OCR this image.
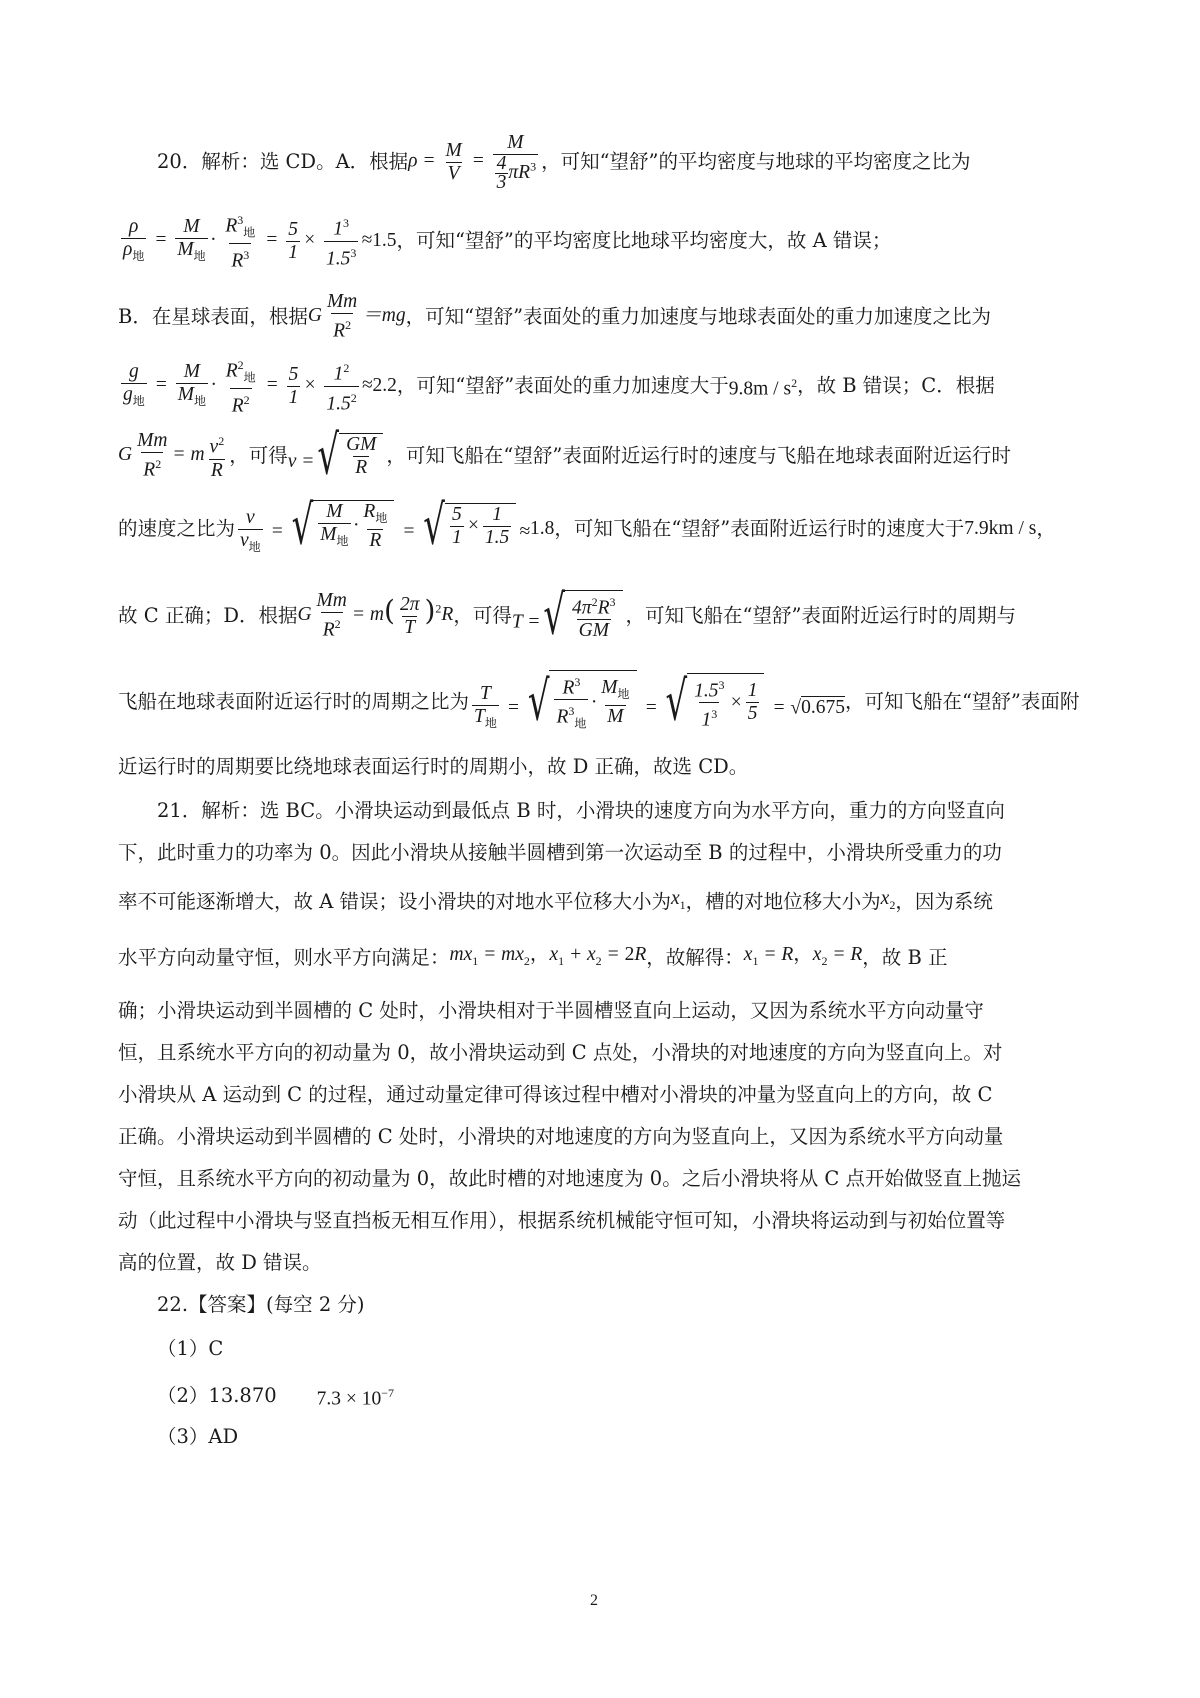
20．解析：选 CD。A．根据 $\rho = \frac{M}{V} = \frac{M}{\frac{4}{3} \pi R^3}$ ，可知“望舒”的平均密度与地球的平均密度之比为
$\frac{\rho}{\rho_地} = \frac{M}{M_地} \cdot \frac{R^3_地}{R^3} = \frac{5}{1} \times \frac{1^3}{1.5^3} \approx 1.5$ ，可知“望舒”的平均密度比地球平均密度大，故 A 错误；
B．在星球表面，根据 G $\frac{Mm}{R^2} =mg$ ，可知“望舒”表面处的重力加速度与地球表面处的重力加速度之比为
$\frac{g}{g_地} = \frac{M}{M_地} \cdot \frac{R^2_地}{R^2} = \frac{5}{1} \times \frac{1^2}{1.5^2} \approx 2.2$ ，可知“望舒”表面处的重力加速度大于 $9.8m / s^2$ ，故 B 错误；C．根据
G $\frac{Mm}{R^2} = m \frac{v^2}{R}$ ，可得 v = √ $\frac{GM}{R}$ ，可知飞船在“望舒”表面附近运行时的速度与飞船在地球表面附近运行时
的速度之比为 $\frac{v}{v_地}$ = √ $\frac{M}{M_地} \cdot \frac{R_地}{R}$ = √ $\frac{5}{1} \times \frac{1}{1.5} \approx 1.8$ ，可知飞船在“望舒”表面附近运行时的速度大于 7.9km / s ，
故 C 正确；D．根据 G $\frac{Mm}{R^2} = m( \frac{2\pi}{T} )^2R$ ，可得 T = √ $\frac{4\pi^2R^3}{GM}$ ，可知飞船在“望舒”表面附近运行时的周期与
飞船在地球表面附近运行时的周期之比为 $\frac{T}{T_地}$ = √ $\frac{R^3}{R^3_地} \cdot \frac{M_地}{M}$ = √ $\frac{1.5^3}{1^3} \times \frac{1}{5} = √0.675$ ，可知飞船在“望舒”表面附
近运行时的周期要比绕地球表面运行时的周期小，故 D 正确，故选 CD。
21．解析：选 BC。小滑块运动到最低点 B 时，小滑块的速度方向为水平方向，重力的方向竖直向
下，此时重力的功率为 0。因此小滑块从接触半圆槽到第一次运动至 B 的过程中，小滑块所受重力的功
率不可能逐渐增大，故 A 错误；设小滑块的对地水平位移大小为 $x_1$ ，槽的对地位移大小为 $x_2$ ，因为系统
水平方向动量守恒，则水平方向满足： $mx_1 = mx_2$，$x_1 + x_2 = 2R$ ，故解得： $x_1 = R$，$x_2 = R$ ，故 B 正
确；小滑块运动到半圆槽的 C 处时，小滑块相对于半圆槽竖直向上运动，又因为系统水平方向动量守
恒，且系统水平方向的初动量为 0，故小滑块运动到 C 点处，小滑块的对地速度的方向为竖直向上。对
小滑块从 A 运动到 C 的过程，通过动量定律可得该过程中槽对小滑块的冲量为竖直向上的方向，故 C
正确。小滑块运动到半圆槽的 C 处时，小滑块的对地速度的方向为竖直向上，又因为系统水平方向动量
守恒，且系统水平方向的初动量为 0，故此时槽的对地速度为 0。之后小滑块将从 C 点开始做竖直上抛运
动（此过程中小滑块与竖直挡板无相互作用），根据系统机械能守恒可知，小滑块将运动到与初始位置等
高的位置，故 D 错误。
22.【答案】(每空 2 分)
（1）C
（2）13.870 $7.3 \times 10^{-7}$
（3）AD
2
